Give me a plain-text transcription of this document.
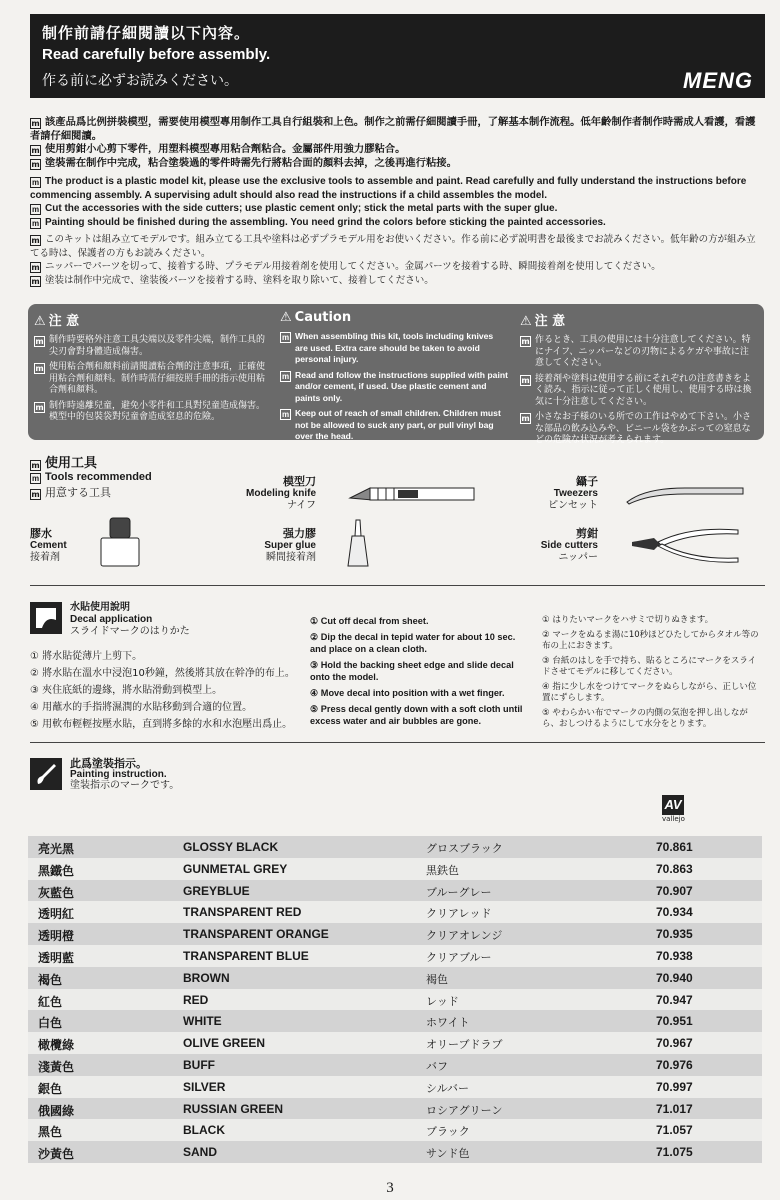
制作前請仔細閱讀以下內容。
Read carefully before assembly.
作る前に必ずお読みください。	MENG

m 該產品爲比例拼裝模型，需要使用模型專用制作工具自行組裝和上色。制作之前需仔細閱讀手冊，了解基本制作流程。低年齡制作者制作時需成人看護，看護者請仔細閱讀。

m 使用剪鉗小心剪下零件，用塑料模型專用粘合劑粘合。金屬部件用強力膠粘合。

m 塗裝需在制作中完成，粘合塗裝過的零件時需先行將粘合面的顏料去掉，之後再進行粘接。

m The product is a plastic model kit, please use the exclusive tools to assemble and paint. Read carefully and fully understand the instructions before commencing assembly. A supervising adult should also read the instructions if a child assembles the model.

m Cut the accessories with the side cutters; use plastic cement only; stick the metal parts with the super glue.

m Painting should be finished during the assembling. You need grind the colors before sticking the painted accessories.

m このキットは組み立てモデルです。組み立てる工具や塗料は必ずプラモデル用をお使いください。作る前に必ず説明書を最後までお読みください。低年齢の方が組み立てる時は、保護者の方もお読みください。

m ニッパーでパーツを切って、接着する時、プラモデル用接着剤を使用してください。金属パーツを接着する時、瞬間接着剤を使用してください。

m 塗装は制作中完成で、塗装後パーツを接着する時、塗料を取り除いて、接着してください。

⚠ 注 意
m 制作時要格外注意工具尖端以及零件尖端，制作工具的尖刃會對身體造成傷害。
m 使用粘合劑和顏料前請閱讀粘合劑的注意事項，正確使用粘合劑和顏料。制作時需仔細按照手冊的指示使用粘合劑和顏料。
m 制作時遠離兒童，避免小零件和工具對兒童造成傷害。模型中的包裝袋對兒童會造成窒息的危險。
⚠ Caution
m When assembling this kit, tools including knives are used. Extra care should be taken to avoid personal injury.
m Read and follow the instructions supplied with paint and/or cement, if used. Use plastic cement and paints only.
m Keep out of reach of small children. Children must not be allowed to suck any part, or pull vinyl bag over the head.
⚠ 注 意
m 作るとき、工具の使用には十分注意してください。特にナイフ、ニッパーなどの刃物によるケガや事故に注意してください。
m 接着剤や塗料は使用する前にそれぞれの注意書きをよく読み、指示に従って正しく使用し、使用する時は換気に十分注意してください。
m 小さなお子様のいる所での工作はやめて下さい。小さな部品の飲み込みや、ビニール袋をかぶっての窒息などの危険な状況が考えられます。
m 使用工具
m Tools recommended
m 用意する工具
模型刀
Modeling knife
ナイフ
鑷子
Tweezers
ピンセット
膠水
Cement
接着剤
强力膠
Super glue
瞬間接着剤
剪鉗
Side cutters
ニッパー
水貼使用說明
Decal application
スライドマークのはりかた
① 將水貼從薄片上剪下。
② 將水貼在溫水中浸泡10秒鐘，然後將其放在幹净的布上。
③ 夾住底紙的邊緣，將水貼滑動到模型上。
④ 用蘸水的手指將濕潤的水貼移動到合適的位置。
⑤ 用軟布輕輕按壓水貼，直到將多餘的水和水泡壓出爲止。
① Cut off decal from sheet.
② Dip the decal in tepid water for about 10 sec. and place on a clean cloth.
③ Hold the backing sheet edge and slide decal onto the model.
④ Move decal into position with a wet finger.
⑤ Press decal gently down with a soft cloth until excess water and air bubbles are gone.
① はりたいマークをハサミで切りぬきます。
② マークをぬるま湯に10秒ほどひたしてからタオル等の布の上におきます。
③ 台紙のはしを手で持ち、貼るところにマークをスライドさせてモデルに移してください。
④ 指に少し水をつけてマークをぬらしながら、正しい位置にずらします。
⑤ やわらかい布でマークの内側の気泡を押し出しながら、おしつけるようにして水分をとります。
此爲塗裝指示。
Painting instruction.
塗装指示のマークです。
AV
vallejo
亮光黑	GLOSSY BLACK	グロスブラック	70.861
黑鐵色	GUNMETAL GREY	黒鉄色	70.863
灰藍色	GREYBLUE	ブルーグレー	70.907
透明紅	TRANSPARENT RED	クリアレッド	70.934
透明橙	TRANSPARENT ORANGE	クリアオレンジ	70.935
透明藍	TRANSPARENT BLUE	クリアブルー	70.938
褐色	BROWN	褐色	70.940
紅色	RED	レッド	70.947
白色	WHITE	ホワイト	70.951
橄欖綠	OLIVE GREEN	オリーブドラブ	70.967
淺黃色	BUFF	バフ	70.976
銀色	SILVER	シルバー	70.997
俄國綠	RUSSIAN GREEN	ロシアグリーン	71.017
黑色	BLACK	ブラック	71.057
沙黃色	SAND	サンド色	71.075
3
